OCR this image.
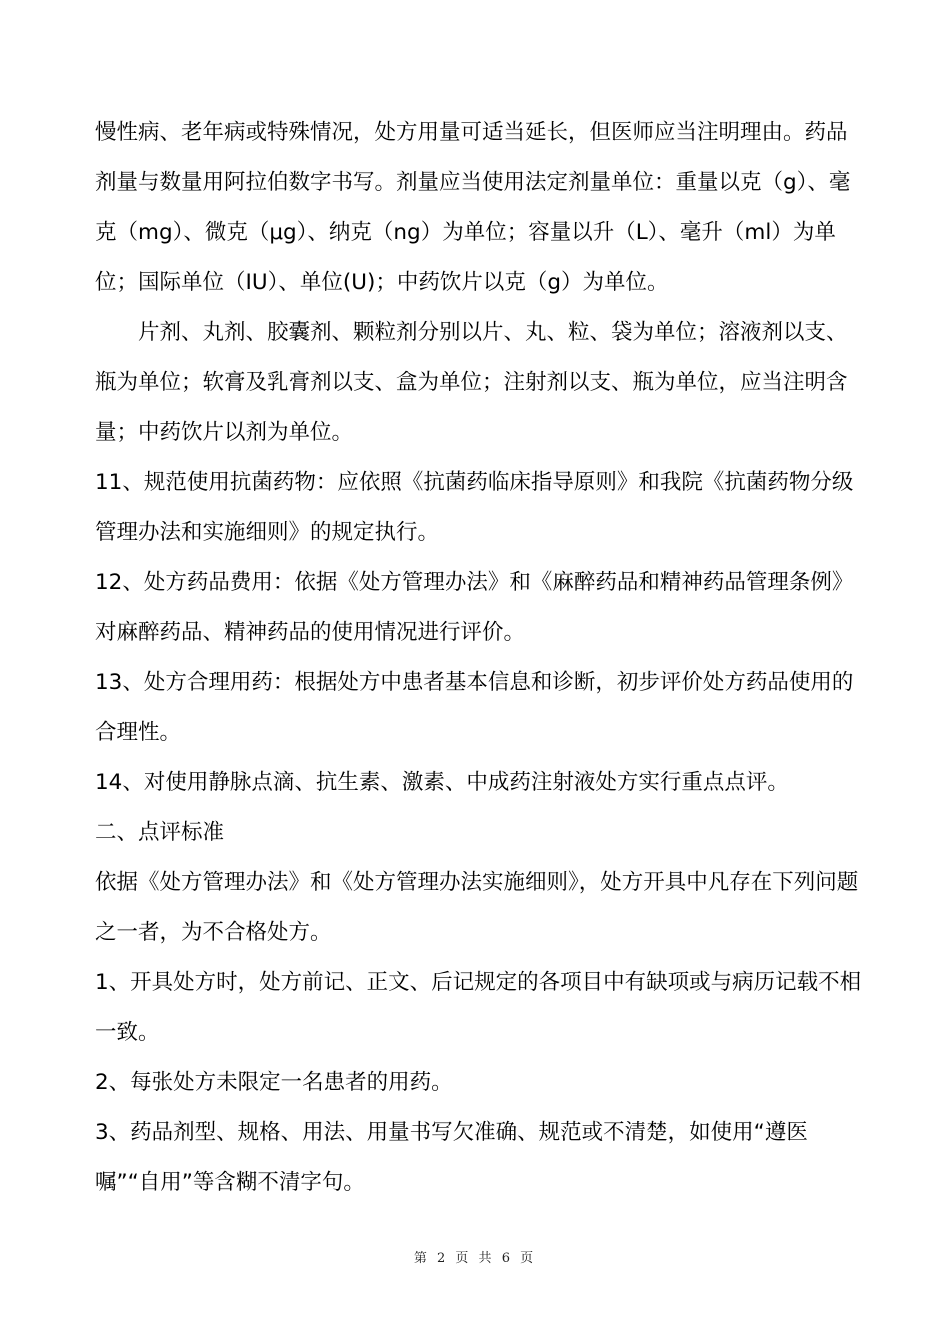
慢性病、老年病或特殊情况，处方用量可适当延长，但医师应当注明理由。药品剂量与数量用阿拉伯数字书写。剂量应当使用法定剂量单位：重量以克（g）、毫克（mg）、微克（μg）、纳克（ng）为单位；容量以升（L）、毫升（ml）为单位；国际单位（IU）、单位(U)；中药饮片以克（g）为单位。

片剂、丸剂、胶囊剂、颗粒剂分别以片、丸、粒、袋为单位；溶液剂以支、瓶为单位；软膏及乳膏剂以支、盒为单位；注射剂以支、瓶为单位，应当注明含量；中药饮片以剂为单位。

11、规范使用抗菌药物：应依照《抗菌药临床指导原则》和我院《抗菌药物分级管理办法和实施细则》的规定执行。

12、处方药品费用：依据《处方管理办法》和《麻醉药品和精神药品管理条例》对麻醉药品、精神药品的使用情况进行评价。

13、处方合理用药：根据处方中患者基本信息和诊断，初步评价处方药品使用的合理性。

14、对使用静脉点滴、抗生素、激素、中成药注射液处方实行重点点评。

二、点评标准

依据《处方管理办法》和《处方管理办法实施细则》，处方开具中凡存在下列问题之一者，为不合格处方。

1、开具处方时，处方前记、正文、后记规定的各项目中有缺项或与病历记载不相一致。

2、每张处方未限定一名患者的用药。

3、药品剂型、规格、用法、用量书写欠准确、规范或不清楚，如使用“遵医嘱”“自用”等含糊不清字句。

第 2 页 共 6 页
